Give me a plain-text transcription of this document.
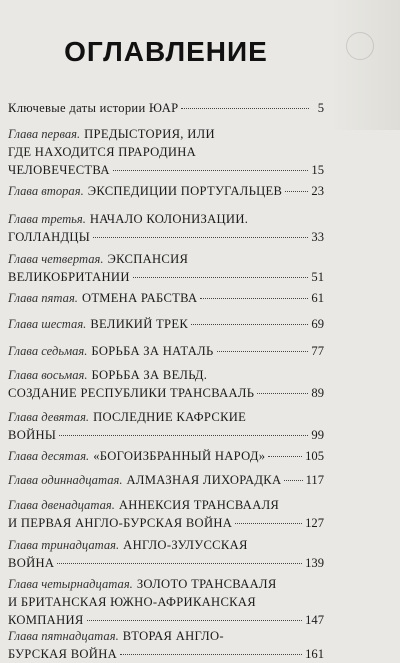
ОГЛАВЛЕНИЕ
Ключевые даты истории ЮАР	5
Глава первая. ПРЕДЫСТОРИЯ, ИЛИ
ГДЕ НАХОДИТСЯ ПРАРОДИНА
ЧЕЛОВЕЧЕСТВА	15
Глава вторая. ЭКСПЕДИЦИИ ПОРТУГАЛЬЦЕВ 23
Глава третья. НАЧАЛО КОЛОНИЗАЦИИ.
ГОЛЛАНДЦЫ	33
Глава четвертая. ЭКСПАНСИЯ
ВЕЛИКОБРИТАНИИ	51
Глава пятая. ОТМЕНА РАБСТВА	61
Глава шестая. ВЕЛИКИЙ ТРЕК	69
Глава седьмая. БОРЬБА ЗА НАТАЛЬ	77
Глава восьмая. БОРЬБА ЗА ВЕЛЬД.
СОЗДАНИЕ РЕСПУБЛИКИ ТРАНСВААЛЬ	89
Глава девятая. ПОСЛЕДНИЕ КАФРСКИЕ
ВОЙНЫ	99
Глава десятая. «БОГОИЗБРАННЫЙ НАРОД»	105
Глава одиннадцатая. АЛМАЗНАЯ ЛИХОРАДКА 117
Глава двенадцатая. АННЕКСИЯ ТРАНСВААЛЯ
И ПЕРВАЯ АНГЛО-БУРСКАЯ ВОЙНА	127
Глава тринадцатая. АНГЛО-ЗУЛУССКАЯ
ВОЙНА	139
Глава четырнадцатая. ЗОЛОТО ТРАНСВААЛЯ
И БРИТАНСКАЯ ЮЖНО-АФРИКАНСКАЯ
КОМПАНИЯ	147
Глава пятнадцатая. ВТОРАЯ АНГЛО-
БУРСКАЯ ВОЙНА	161
